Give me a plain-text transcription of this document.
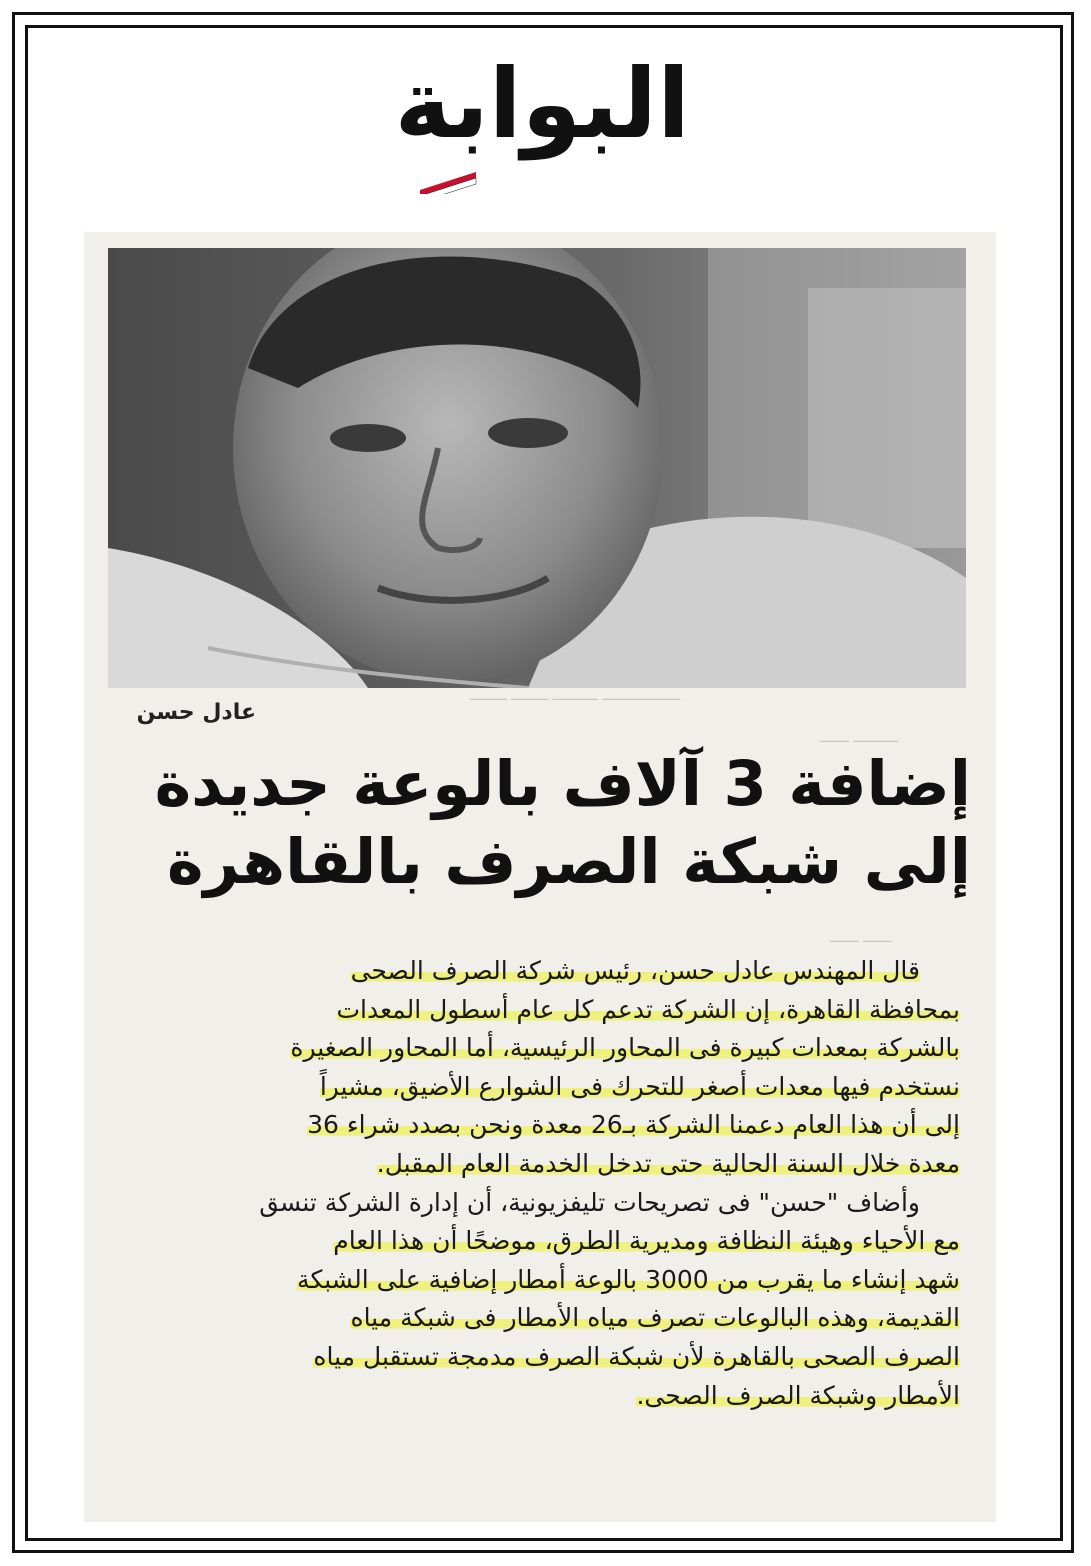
البوابة
ـــــــــــــــــــ ـــــــــــ ـــــــــ ـــــــــ
ـــــــــــ ـــــــ
ـــــــ ـــــــ
عادل حسن
إضافة 3 آلاف بالوعة جديدة
إلى شبكة الصرف بالقاهرة
قال المهندس عادل حسن، رئيس شركة الصرف الصحى
بمحافظة القاهرة، إن الشركة تدعم كل عام أسطول المعدات
بالشركة بمعدات كبيرة فى المحاور الرئيسية، أما المحاور الصغيرة
نستخدم فيها معدات أصغر للتحرك فى الشوارع الأضيق، مشيراً
إلى أن هذا العام دعمنا الشركة بـ26 معدة ونحن بصدد شراء 36
معدة خلال السنة الحالية حتى تدخل الخدمة العام المقبل.
وأضاف "حسن" فى تصريحات تليفزيونية، أن إدارة الشركة تنسق
مع الأحياء وهيئة النظافة ومديرية الطرق، موضحًا أن هذا العام
شهد إنشاء ما يقرب من 3000 بالوعة أمطار إضافية على الشبكة
القديمة، وهذه البالوعات تصرف مياه الأمطار فى شبكة مياه
الصرف الصحى بالقاهرة لأن شبكة الصرف مدمجة تستقبل مياه
الأمطار وشبكة الصرف الصحى.
